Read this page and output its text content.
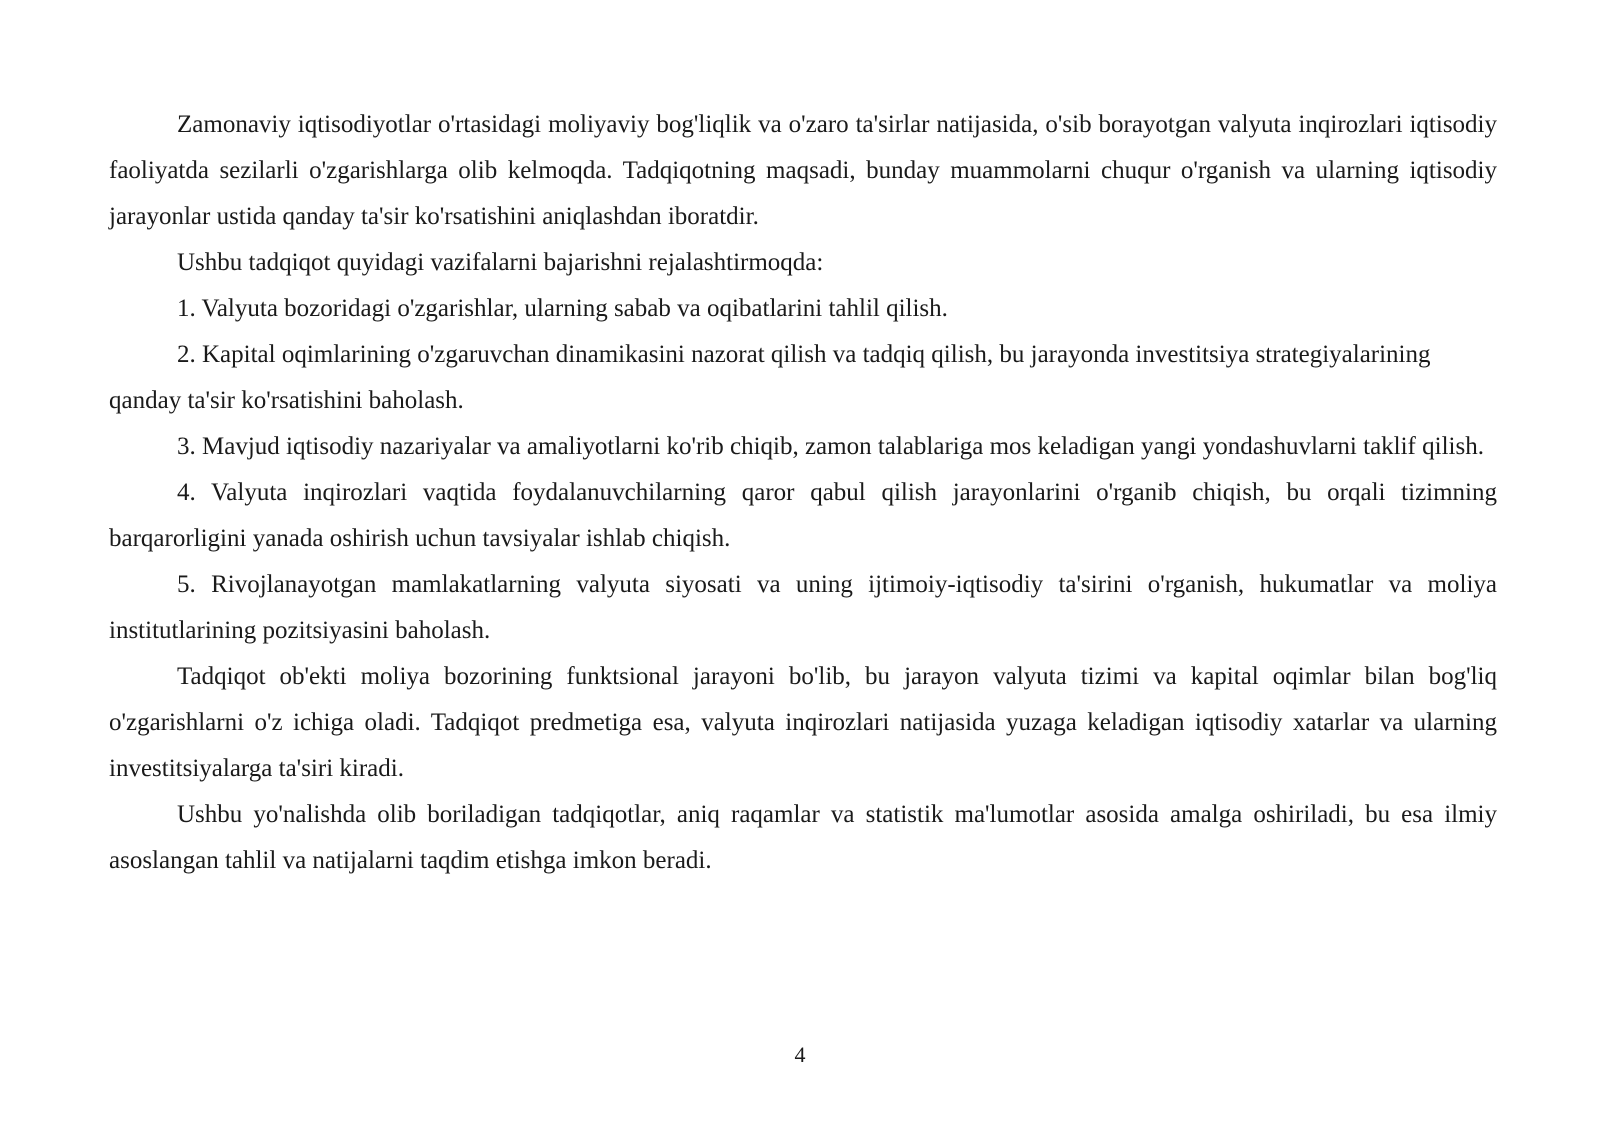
Zamonaviy iqtisodiyotlar o'rtasidagi moliyaviy bog'liqlik va o'zaro ta'sirlar natijasida, o'sib borayotgan valyuta inqirozlari iqtisodiy faoliyatda sezilarli o'zgarishlarga olib kelmoqda. Tadqiqotning maqsadi, bunday muammolarni chuqur o'rganish va ularning iqtisodiy jarayonlar ustida qanday ta'sir ko'rsatishini aniqlashdan iboratdir.

Ushbu tadqiqot quyidagi vazifalarni bajarishni rejalashtirmoqda:

1. Valyuta bozoridagi o'zgarishlar, ularning sabab va oqibatlarini tahlil qilish.

2. Kapital oqimlarining o'zgaruvchan dinamikasini nazorat qilish va tadqiq qilish, bu jarayonda investitsiya strategiyalarining qanday ta'sir ko'rsatishini baholash.

3. Mavjud iqtisodiy nazariyalar va amaliyotlarni ko'rib chiqib, zamon talablariga mos keladigan yangi yondashuvlarni taklif qilish.

4. Valyuta inqirozlari vaqtida foydalanuvchilarning qaror qabul qilish jarayonlarini o'rganib chiqish, bu orqali tizimning barqarorligini yanada oshirish uchun tavsiyalar ishlab chiqish.

5. Rivojlanayotgan mamlakatlarning valyuta siyosati va uning ijtimoiy-iqtisodiy ta'sirini o'rganish, hukumatlar va moliya institutlarining pozitsiyasini baholash.

Tadqiqot ob'ekti moliya bozorining funktsional jarayoni bo'lib, bu jarayon valyuta tizimi va kapital oqimlar bilan bog'liq o'zgarishlarni o'z ichiga oladi. Tadqiqot predmetiga esa, valyuta inqirozlari natijasida yuzaga keladigan iqtisodiy xatarlar va ularning investitsiyalarga ta'siri kiradi.

Ushbu yo'nalishda olib boriladigan tadqiqotlar, aniq raqamlar va statistik ma'lumotlar asosida amalga oshiriladi, bu esa ilmiy asoslangan tahlil va natijalarni taqdim etishga imkon beradi.

4
